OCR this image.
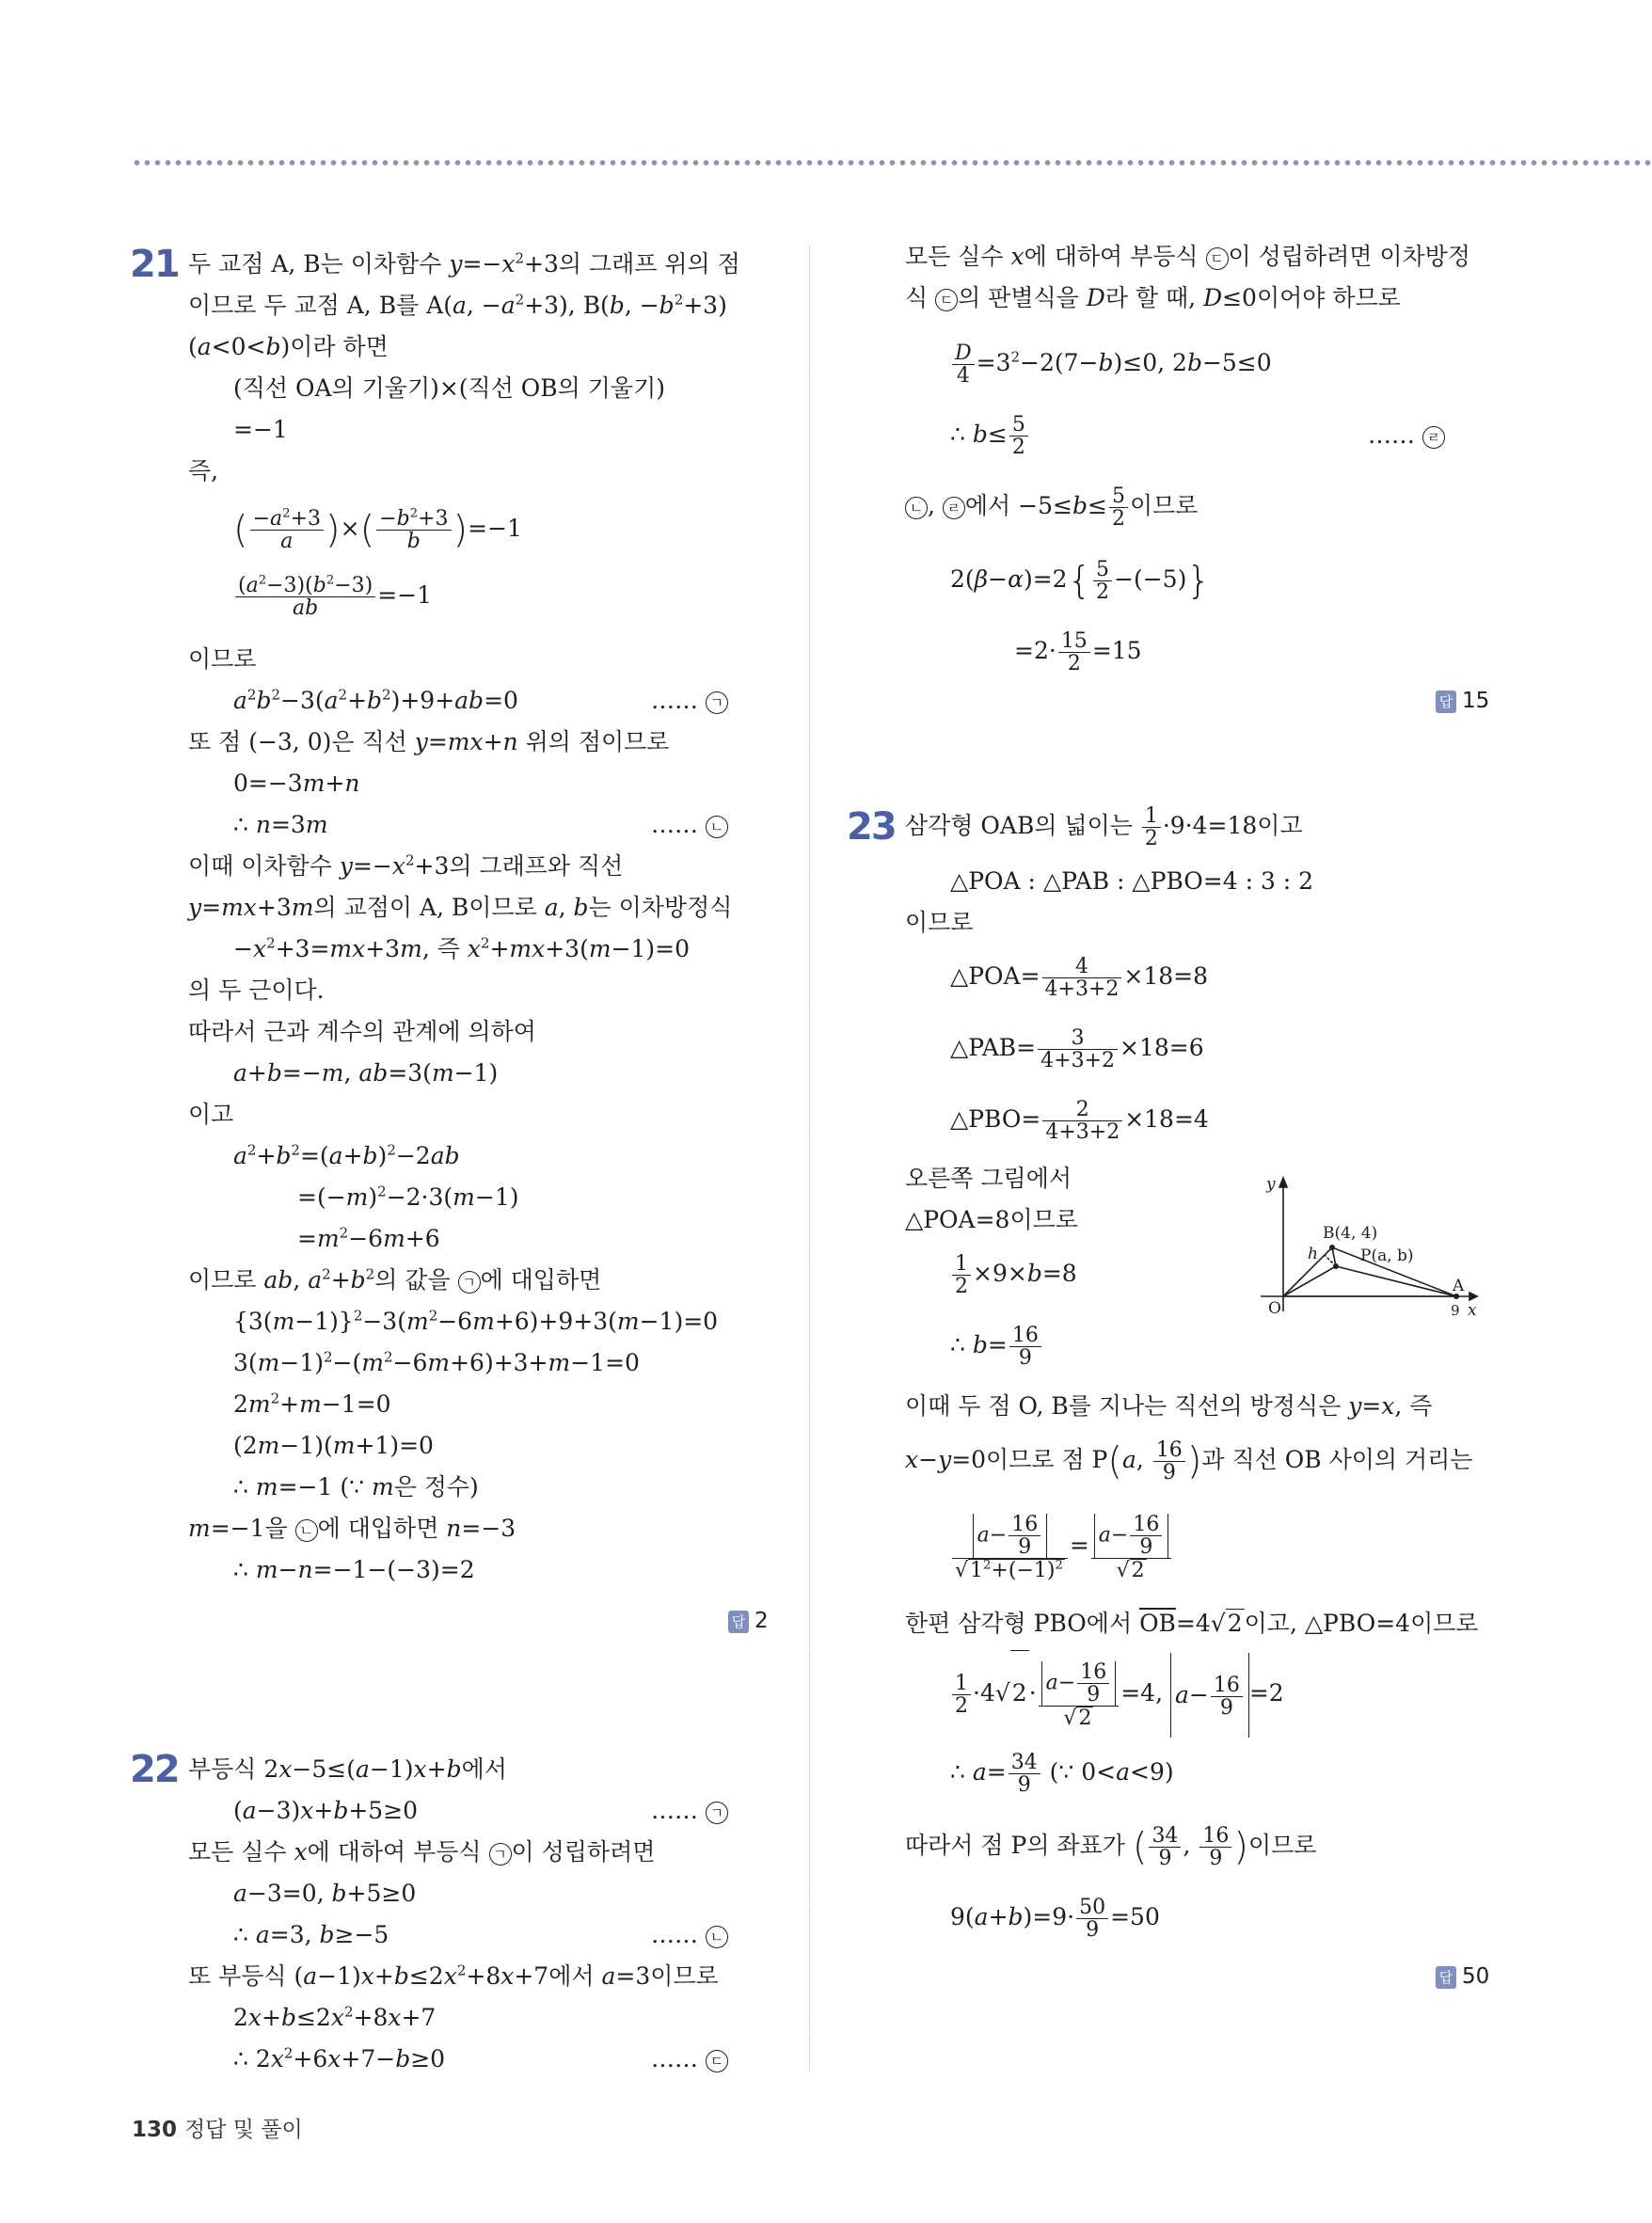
21 두 교점 A, B는 이차함수 $y=-x^2+3$의 그래프 위의 점
이므로 두 교점 A, B를 A(a, $-a^2+3$), B(b, $-b^2+3$)
(a<0<b)이라 하면
(직선 OA의 기울기)×(직선 OB의 기울기)
=−1
즉,
( $\frac{-a^2+3}{a}$ )×( $\frac{-b^2+3}{b} )=-1$
$\frac{(a^2-3)(b^2-3)}{ab} =-1$
이므로
$a^2b^2-3(a^2+b^2)+9+ab=0$	…… ㄱ
또 점 (−3, 0)은 직선 y=mx+n 위의 점이므로
0=−3m+n
∴ n=3m	…… ㄴ
이때 이차함수 $y=-x^2+3$의 그래프와 직선
y=mx+3m의 교점이 A, B이므로 a, b는 이차방정식
$-x^2+3=mx+3m$, 즉 $x^2+mx+3(m-1)=0$
의 두 근이다.
따라서 근과 계수의 관계에 의하여
a+b=−m, ab=3(m−1)
이고
$a^2+b^2=(a+b)^2-2ab$
$=(-m)^2-2\cdot 3(m-1)$
$=m^2-6m+6$
이므로 ab, $a^2+b^2$의 값을 ㄱ 에 대입하면
$\{3(m-1)\}^2-3(m^2-6m+6)+9+3(m-1)=0$
$3(m-1)^2-(m^2-6m+6)+3+m-1=0$
$2m^2+m-1=0$
(2m−1)(m+1)=0
∴ m=−1 (∵ m은 정수)
m=−1을 ㄴ 에 대입하면 n=−3
∴ m−n=−1−(−3)=2
답 2
22 부등식 2x−5≤(a−1)x+b에서
(a−3)x+b+5≥0	…… ㄱ
모든 실수 x에 대하여 부등식 ㄱ 이 성립하려면
a−3=0, b+5≥0
∴ a=3, b≥−5	…… ㄴ
또 부등식 $(a-1)x+b\le 2x^2+8x+7$에서 a=3이므로
$2x+b\le 2x^2+8x+7$
∴ $2x^2+6x+7-b\ge 0$	…… ㄷ
모든 실수 x에 대하여 부등식 ㄷ 이 성립하려면 이차방정
식 ㄷ 의 판별식을 D라 할 때, D≤0이어야 하므로
$\frac{D}{4} =3^2-2(7-b)\le 0$, 2b−5≤0
∴ $b\le \frac{5}{2}$	…… ㄹ
ㄴ , ㄹ 에서 $-5\le b\le \frac{5}{2}$ 이므로
$2(\beta-\alpha)=2\{ \frac{5}{2} -(-5)\}$
$=2\cdot \frac{15}{2} =15$
답 15
23 삼각형 OAB의 넓이는 $\frac{1}{2} \cdot 9\cdot 4=18$이고
△POA : △PAB : △PBO=4 : 3 : 2
이므로
△POA= $\frac{4}{4+3+2} \times 18=8$
△PAB= $\frac{3}{4+3+2} \times 18=6$
△PBO= $\frac{2}{4+3+2} \times 18=4$
오른쪽 그림에서
△POA=8이므로
$\frac{1}{2} \times 9\times b=8$
∴ $b= \frac{16}{9}$
y
x
O
B(4, 4)
P(a, b)
h
A
9
이때 두 점 O, B를 지나는 직선의 방정식은 y=x, 즉
x−y=0이므로 점 P(a, $\frac{16}{9}$ )과 직선 OB 사이의 거리는
$\frac{a- \frac{16}{9}}{√1^2+(-1)^2} = \frac{a- \frac{16}{9}}{√2}$
한편 삼각형 PBO에서 $\overline{OB}=4√2$이고, △PBO=4이므로
$\frac{1}{2} \cdot 4√2\cdot \frac{a- \frac{16}{9}}{√2} =4$, $a- \frac{16}{9} =2$
∴ $a= \frac{34}{9}$ (∵ 0<a<9)
따라서 점 P의 좌표가 ( $\frac{34}{9}$ , $\frac{16}{9}$ )이므로
$9(a+b)=9\cdot \frac{50}{9} =50$
답 50
130 정답 및 풀이
